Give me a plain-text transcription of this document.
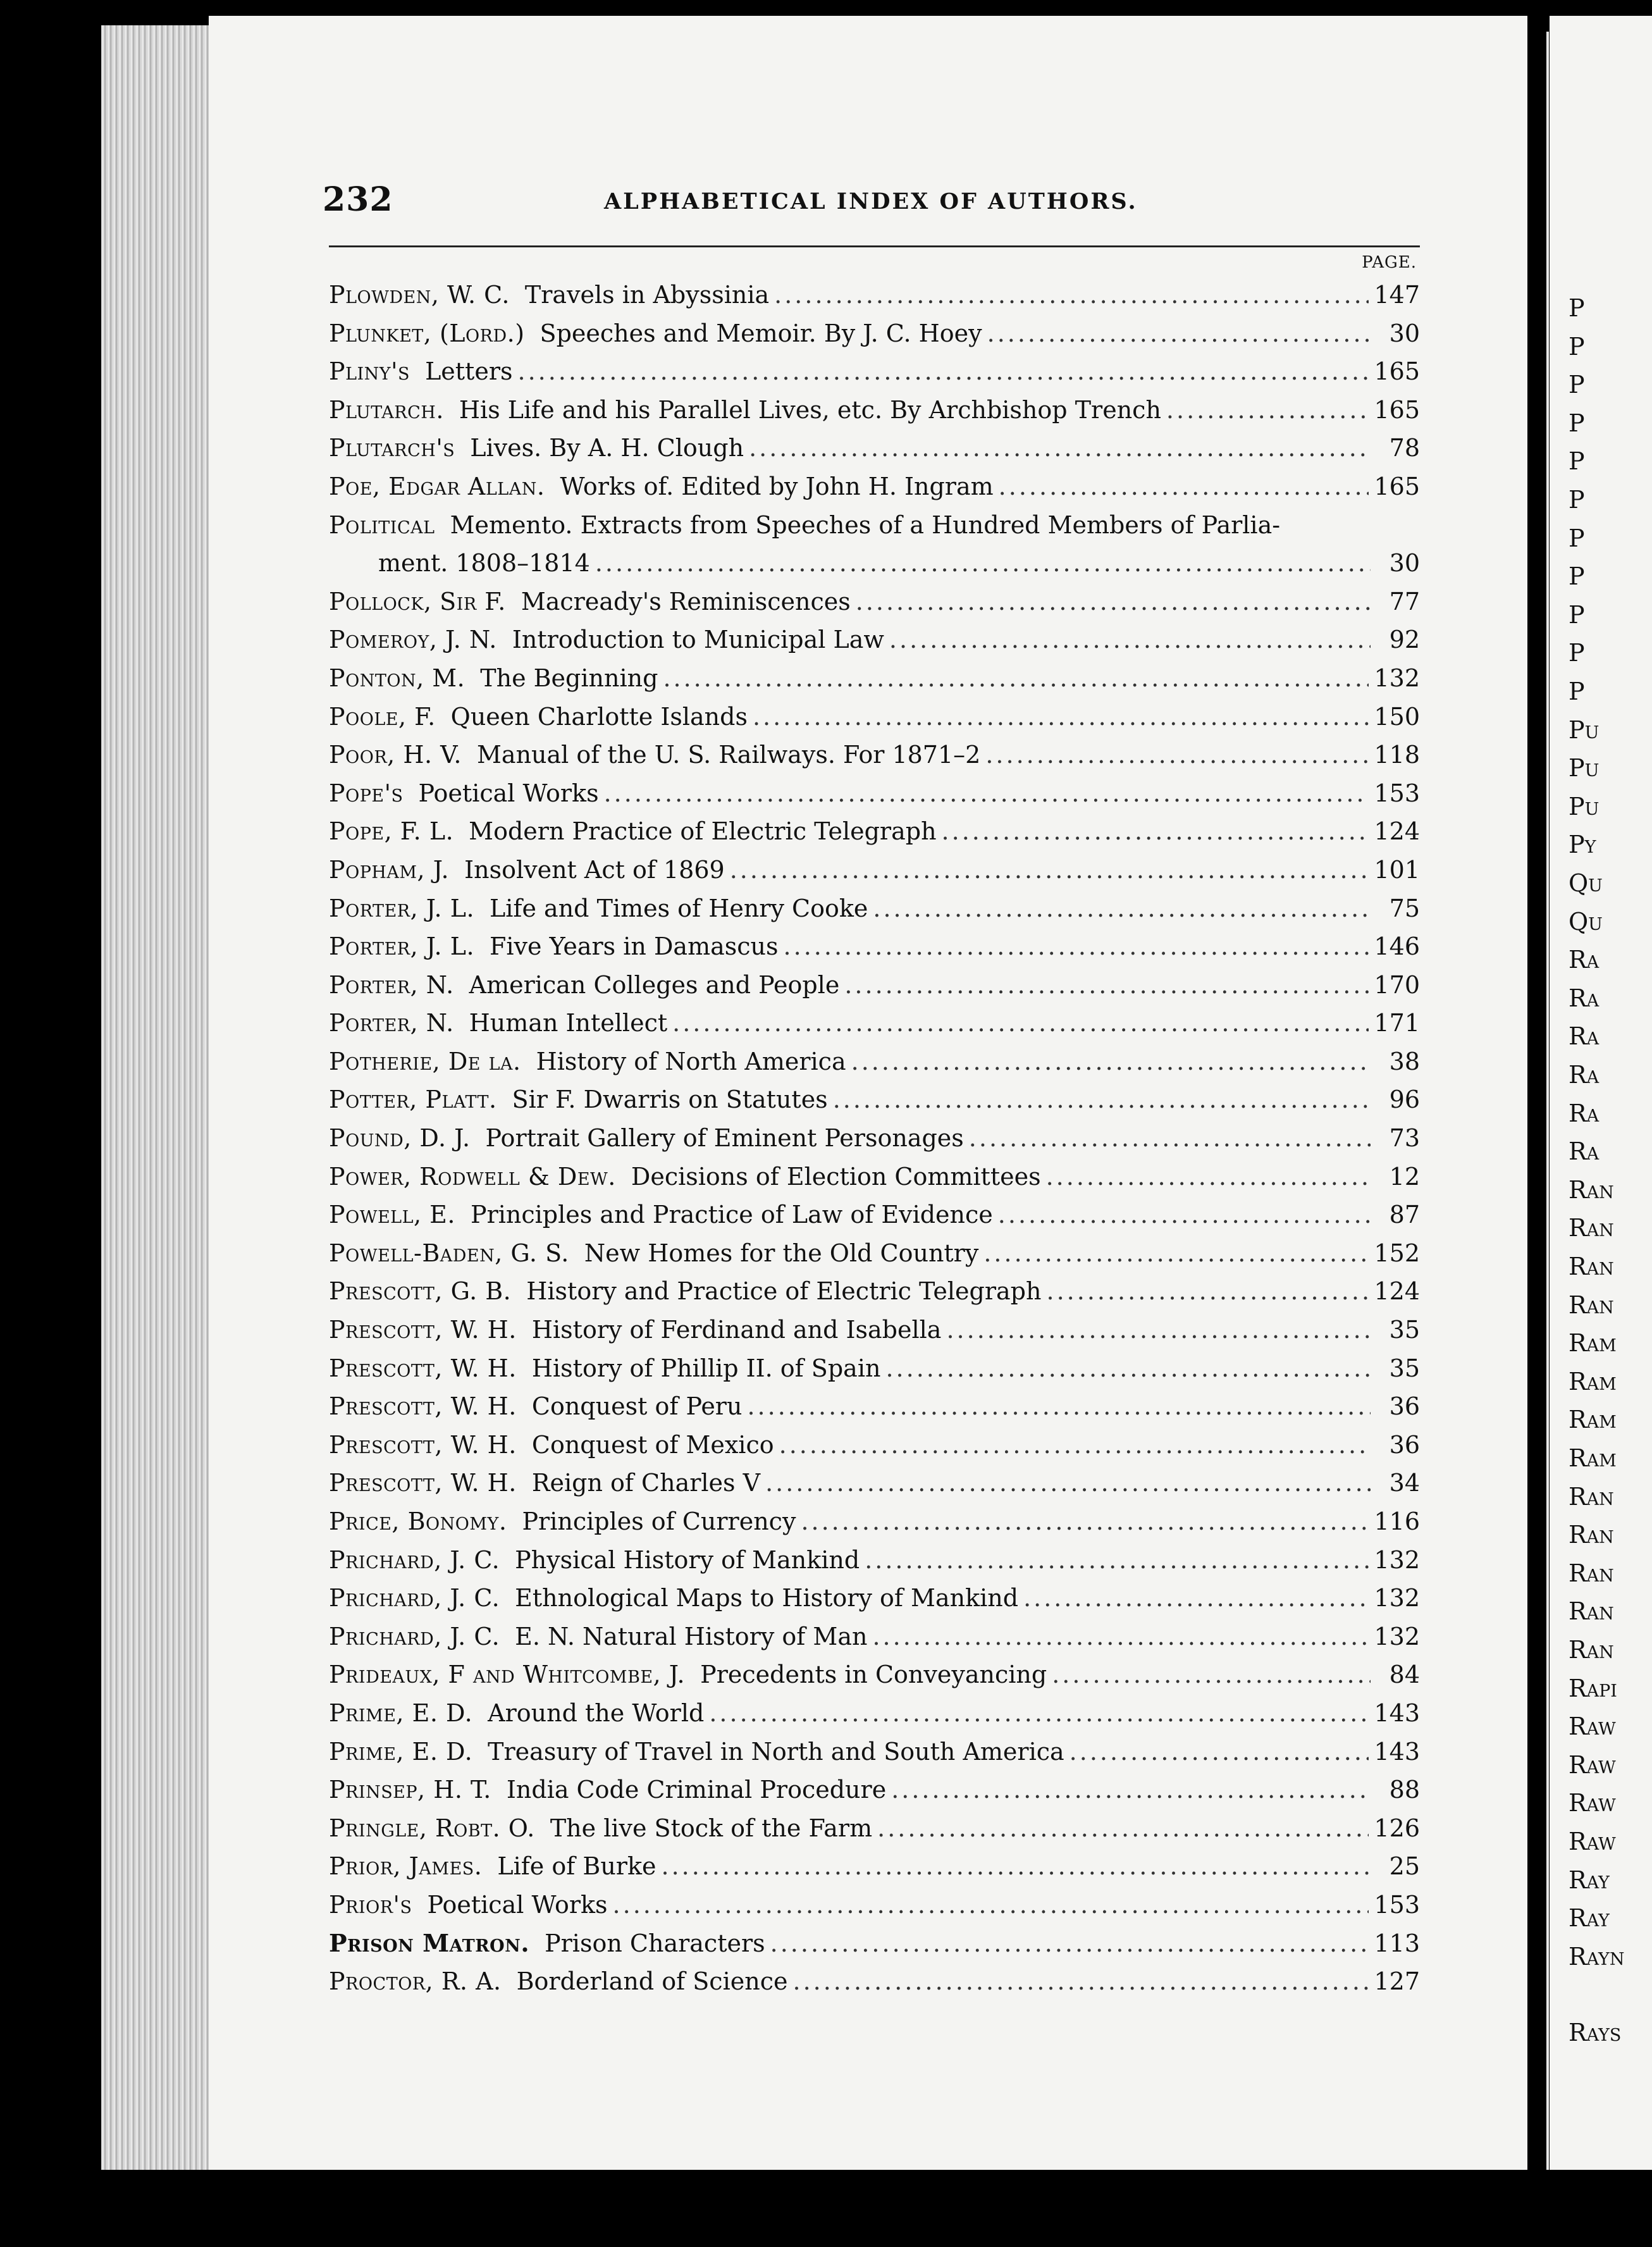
232	ALPHABETICAL INDEX OF AUTHORS.
PAGE.
Plowden, W. C. Travels in Abyssinia .....	147
Plunket, (Lord.) Speeches and Memoir. By J. C. Hoey .....	30
Pliny's Letters .....	165
Plutarch. His Life and his Parallel Lives, etc. By Archbishop Trench .....	165
Plutarch's Lives. By A. H. Clough .....	78
Poe, Edgar Allan. Works of. Edited by John H. Ingram .....	165
Political Memento. Extracts from Speeches of a Hundred Members of Parlia-
ment. 1808–1814 .....	30
Pollock, Sir F. Macready's Reminiscences .....	77
Pomeroy, J. N. Introduction to Municipal Law .....	92
Ponton, M. The Beginning .....	132
Poole, F. Queen Charlotte Islands .....	150
Poor, H. V. Manual of the U. S. Railways. For 1871–2 .....	118
Pope's Poetical Works .....	153
Pope, F. L. Modern Practice of Electric Telegraph .....	124
Popham, J. Insolvent Act of 1869 .....	101
Porter, J. L. Life and Times of Henry Cooke .....	75
Porter, J. L. Five Years in Damascus .....	146
Porter, N. American Colleges and People .....	170
Porter, N. Human Intellect .....	171
Potherie, De la. History of North America .....	38
Potter, Platt. Sir F. Dwarris on Statutes .....	96
Pound, D. J. Portrait Gallery of Eminent Personages .....	73
Power, Rodwell & Dew. Decisions of Election Committees .....	12
Powell, E. Principles and Practice of Law of Evidence .....	87
Powell-Baden, G. S. New Homes for the Old Country .....	152
Prescott, G. B. History and Practice of Electric Telegraph .....	124
Prescott, W. H. History of Ferdinand and Isabella .....	35
Prescott, W. H. History of Phillip II. of Spain .....	35
Prescott, W. H. Conquest of Peru .....	36
Prescott, W. H. Conquest of Mexico .....	36
Prescott, W. H. Reign of Charles V .....	34
Price, Bonomy. Principles of Currency .....	116
Prichard, J. C. Physical History of Mankind .....	132
Prichard, J. C. Ethnological Maps to History of Mankind .....	132
Prichard, J. C. E. N. Natural History of Man .....	132
Prideaux, F and Whitcombe, J. Precedents in Conveyancing .....	84
Prime, E. D. Around the World .....	143
Prime, E. D. Treasury of Travel in North and South America .....	143
Prinsep, H. T. India Code Criminal Procedure .....	88
Pringle, Robt. O. The live Stock of the Farm .....	126
Prior, James. Life of Burke .....	25
Prior's Poetical Works .....	153
Prison Matron. Prison Characters .....	113
Proctor, R. A. Borderland of Science .....	127
P
P
P
P
P
P
P
P
P
P
P
Pu
Pu
Pu
Py
Qu
Qu
Ra
Ra
Ra
Ra
Ra
Ra
Ran
Ran
Ran
Ran
Ram
Ram
Ram
Ram
Ran
Ran
Ran
Ran
Ran
Rapi
Raw
Raw
Raw
Raw
Ray
Ray
Rayn
Rays
